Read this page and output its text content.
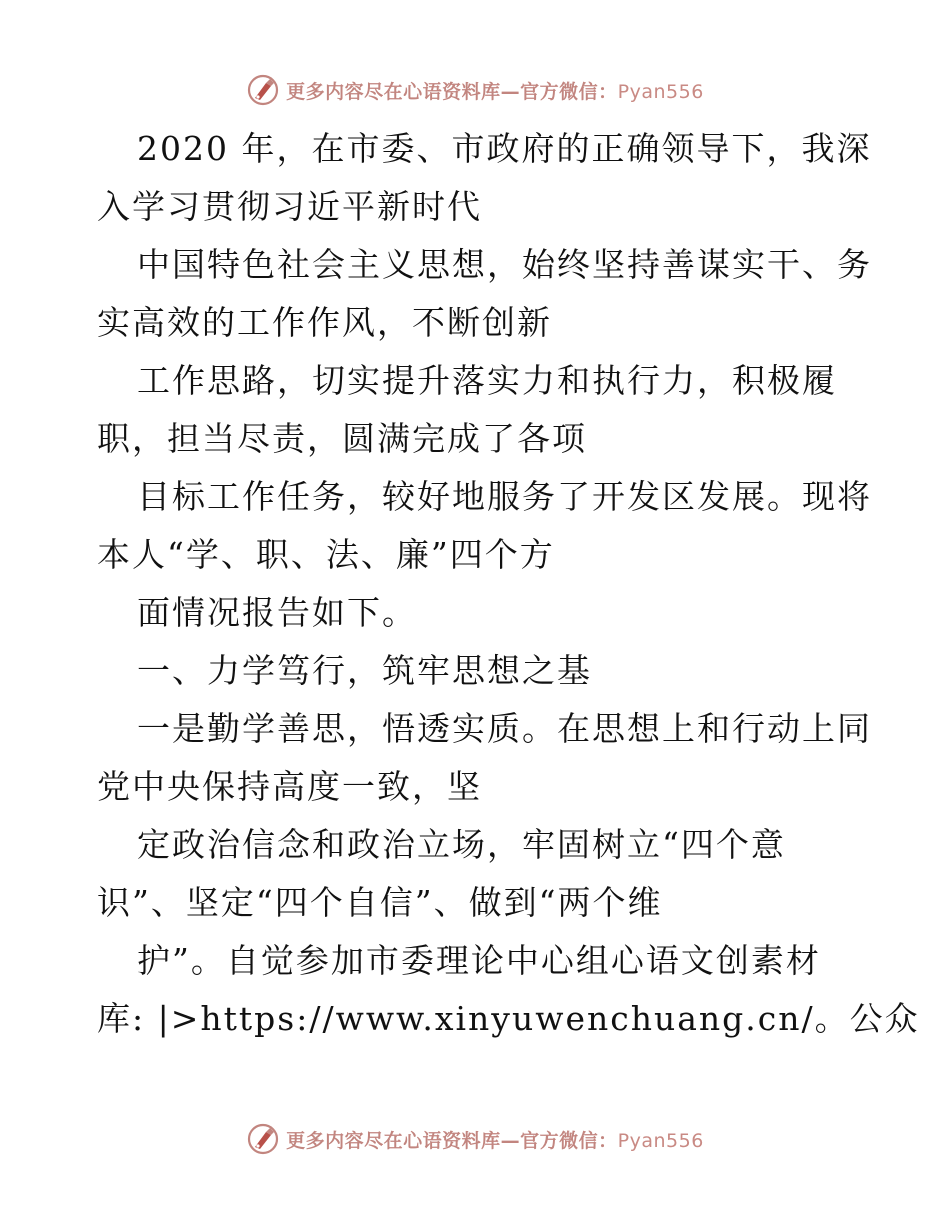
更多内容尽在心语资料库—官方微信：Pyan556
2020 年，在市委、市政府的正确领导下，我深
入学习贯彻习近平新时代
中国特色社会主义思想，始终坚持善谋实干、务
实高效的工作作风，不断创新
工作思路，切实提升落实力和执行力，积极履
职，担当尽责，圆满完成了各项
目标工作任务，较好地服务了开发区发展。现将
本人“学、职、法、廉”四个方
面情况报告如下。
一、力学笃行，筑牢思想之基
一是勤学善思，悟透实质。在思想上和行动上同
党中央保持高度一致，坚
定政治信念和政治立场，牢固树立“四个意
识”、坚定“四个自信”、做到“两个维
护”。自觉参加市委理论中心组心语文创素材
库: |>https://www.xinyuwenchuang.cn/。公众
更多内容尽在心语资料库—官方微信：Pyan556
